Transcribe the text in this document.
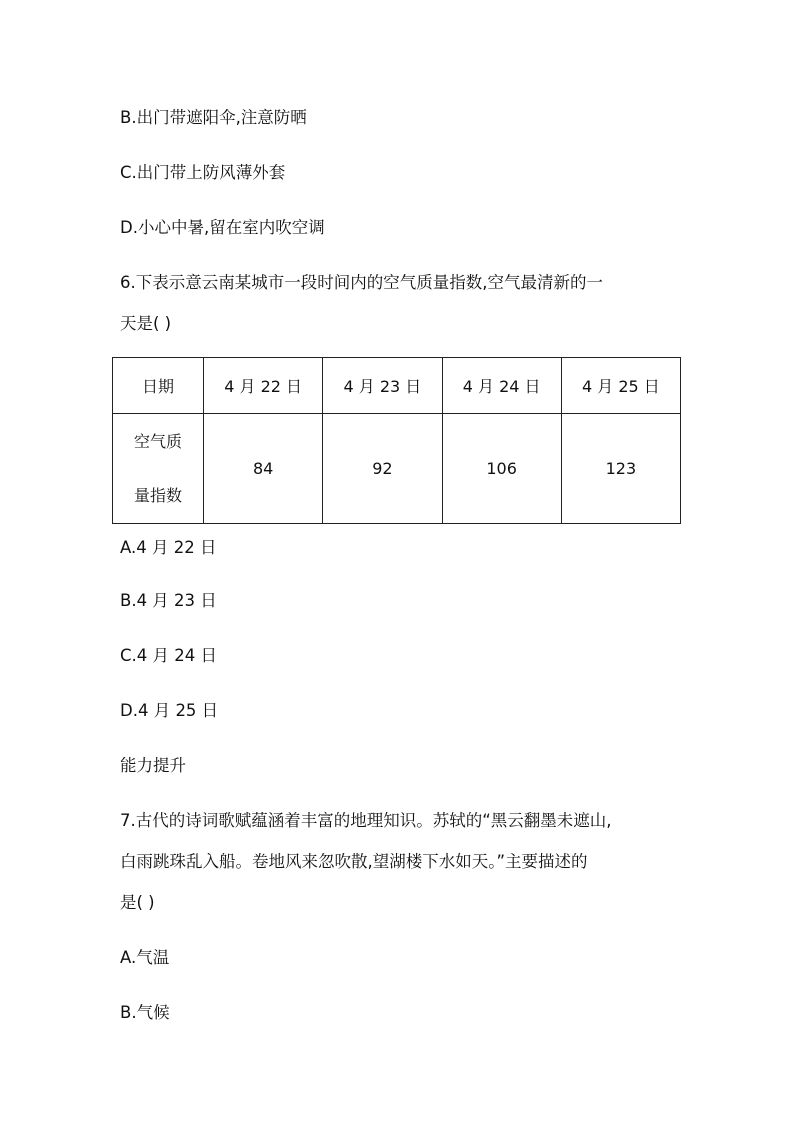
B.出门带遮阳伞,注意防晒
C.出门带上防风薄外套
D.小心中暑,留在室内吹空调
6.下表示意云南某城市一段时间内的空气质量指数,空气最清新的一
天是( )
日期	4 月 22 日	4 月 23 日	4 月 24 日	4 月 25 日

空气质
量指数	84	92	106	123
A.4 月 22 日
B.4 月 23 日
C.4 月 24 日
D.4 月 25 日
能力提升
7.古代的诗词歌赋蕴涵着丰富的地理知识。苏轼的“黑云翻墨未遮山,
白雨跳珠乱入船。卷地风来忽吹散,望湖楼下水如天。”主要描述的
是( )
A.气温
B.气候
